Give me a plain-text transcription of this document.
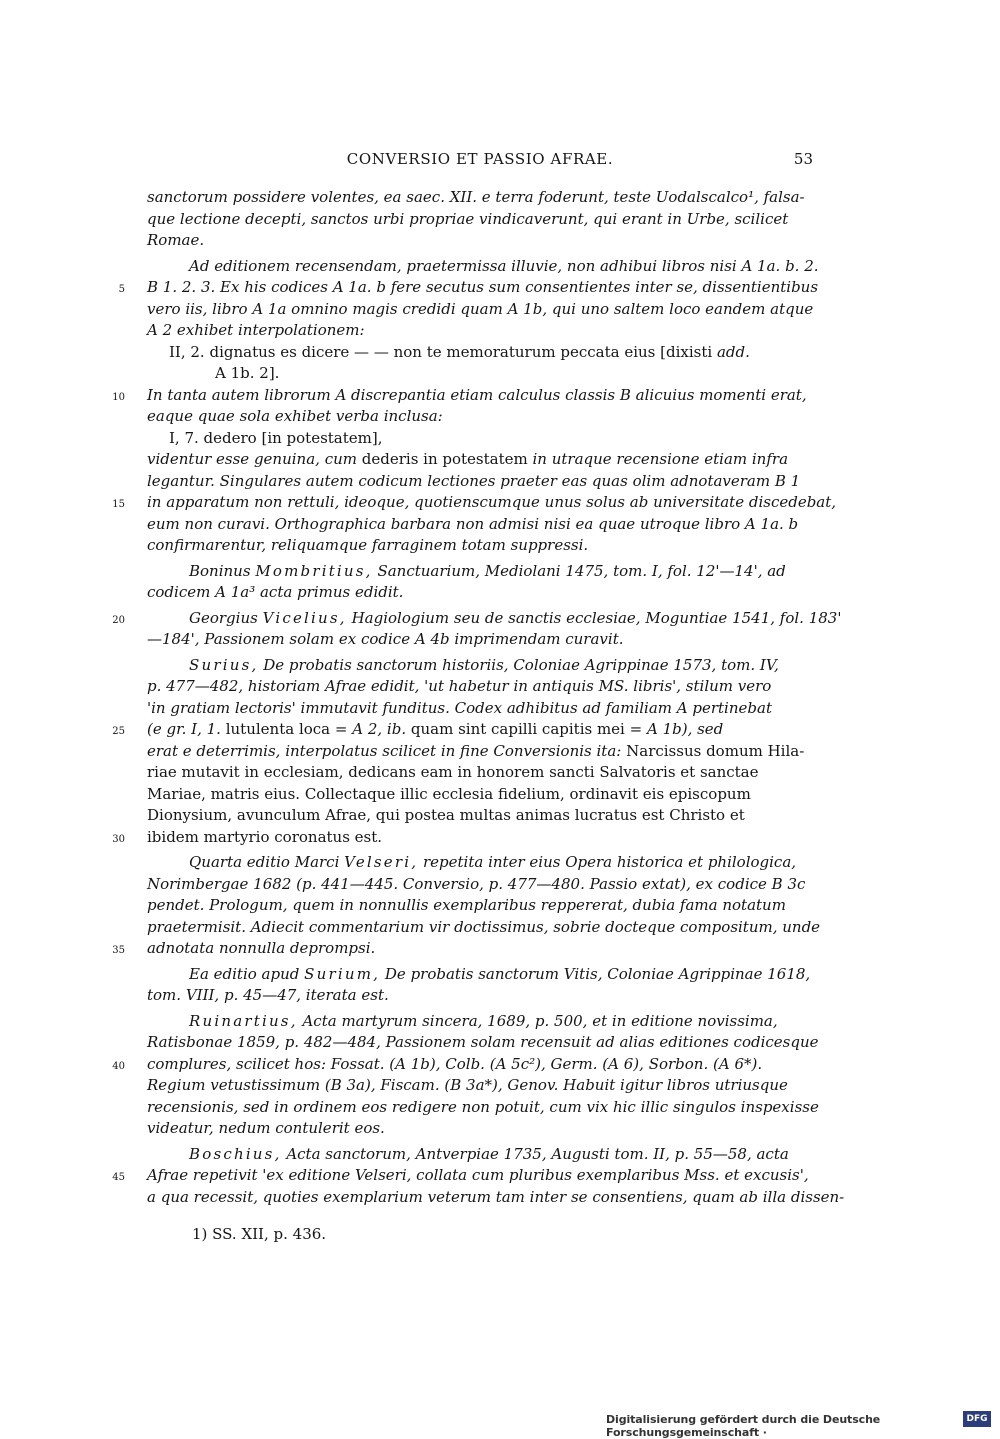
CONVERSIO ET PASSIO AFRAE.	53
sanctorum possidere volentes, ea saec. XII. e terra foderunt, teste Uodalscalco¹, falsa-
que lectione decepti, sanctos urbi propriae vindicaverunt, qui erant in Urbe, scilicet
Romae.
Ad editionem recensendam, praetermissa illuvie, non adhibui libros nisi A 1a. b. 2.
5 B 1. 2. 3. Ex his codices A 1a. b fere secutus sum consentientes inter se, dissentientibus
vero iis, libro A 1a omnino magis credidi quam A 1b, qui uno saltem loco eandem atque
A 2 exhibet interpolationem:
II, 2. dignatus es dicere — — non te memoraturum peccata eius [dixisti add.
A 1b. 2].
10 In tanta autem librorum A discrepantia etiam calculus classis B alicuius momenti erat,
eaque quae sola exhibet verba inclusa:
I, 7. dedero [in potestatem],
videntur esse genuina, cum dederis in potestatem in utraque recensione etiam infra
legantur. Singulares autem codicum lectiones praeter eas quas olim adnotaveram B 1
15 in apparatum non rettuli, ideoque, quotienscumque unus solus ab universitate discedebat,
eum non curavi. Orthographica barbara non admisi nisi ea quae utroque libro A 1a. b
confirmarentur, reliquamque farraginem totam suppressi.
Boninus Mombritius, Sanctuarium, Mediolani 1475, tom. I, fol. 12'—14', ad
codicem A 1a³ acta primus edidit.
20	Georgius Vicelius, Hagiologium seu de sanctis ecclesiae, Moguntiae 1541, fol. 183'
—184', Passionem solam ex codice A 4b imprimendam curavit.
Surius, De probatis sanctorum historiis, Coloniae Agrippinae 1573, tom. IV,
p. 477—482, historiam Afrae edidit, 'ut habetur in antiquis MS. libris', stilum vero
'in gratiam lectoris' immutavit funditus. Codex adhibitus ad familiam A pertinebat
25 (e gr. I, 1. lutulenta loca = A 2, ib. quam sint capilli capitis mei = A 1b), sed
erat e deterrimis, interpolatus scilicet in fine Conversionis ita: Narcissus domum Hila-
riae mutavit in ecclesiam, dedicans eam in honorem sancti Salvatoris et sanctae
Mariae, matris eius. Collectaque illic ecclesia fidelium, ordinavit eis episcopum
Dionysium, avunculum Afrae, qui postea multas animas lucratus est Christo et
30 ibidem martyrio coronatus est.
Quarta editio Marci Velseri, repetita inter eius Opera historica et philologica,
Norimbergae 1682 (p. 441—445. Conversio, p. 477—480. Passio extat), ex codice B 3c
pendet. Prologum, quem in nonnullis exemplaribus reppererat, dubia fama notatum
praetermisit. Adiecit commentarium vir doctissimus, sobrie docteque compositum, unde
35 adnotata nonnulla deprompsi.
Ea editio apud Surium, De probatis sanctorum Vitis, Coloniae Agrippinae 1618,
tom. VIII, p. 45—47, iterata est.
Ruinartius, Acta martyrum sincera, 1689, p. 500, et in editione novissima,
Ratisbonae 1859, p. 482—484, Passionem solam recensuit ad alias editiones codicesque
40 complures, scilicet hos: Fossat. (A 1b), Colb. (A 5c²), Germ. (A 6), Sorbon. (A 6*).
Regium vetustissimum (B 3a), Fiscam. (B 3a*), Genov. Habuit igitur libros utriusque
recensionis, sed in ordinem eos redigere non potuit, cum vix hic illic singulos inspexisse
videatur, nedum contulerit eos.
Boschius, Acta sanctorum, Antverpiae 1735, Augusti tom. II, p. 55—58, acta
45 Afrae repetivit 'ex editione Velseri, collata cum pluribus exemplaribus Mss. et excusis',
a qua recessit, quoties exemplarium veterum tam inter se consentiens, quam ab illa dissen-
1) SS. XII, p. 436.
Digitalisierung gefördert durch die Deutsche Forschungsgemeinschaft ·
DFG
